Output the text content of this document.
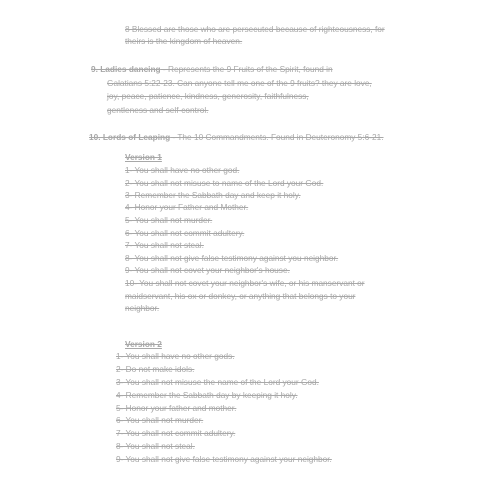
8 Blessed are those who are persecuted because of righteousness, for
theirs is the kingdom of heaven.
9. Ladies dancing - Represents the 9 Fruits of the Spirit, found in
Galatians 5:22-23. Can anyone tell me one of the 9 fruits? they are love,
joy, peace, patience, kindness, generosity, faithfulness,
gentleness and self-control.
10. Lords of Leaping - The 10 Commandments. Found in Deuteronomy 5:6-21.
Version 1
1- You shall have no other god.
2- You shall not misuse to name of the Lord your God.
3- Remember the Sabbath day and keep it holy.
4- Honor your Father and Mother.
5- You shall not murder.
6- You shall not commit adultery.
7- You shall not steal.
8- You shall not give false testimony against you neighbor.
9- You shall not covet your neighbor's house.
10- You shall not covet your neighbor's wife, or his manservant or
maidservant, his ox or donkey, or anything that belongs to your
neighbor.
Version 2
1- You shall have no other gods.
2- Do not make idols.
3- You shall not misuse the name of the Lord your God.
4- Remember the Sabbath day by keeping it holy.
5- Honor your father and mother.
6- You shall not murder.
7- You shall not commit adultery.
8- You shall not steal.
9- You shall not give false testimony against your neighbor.
